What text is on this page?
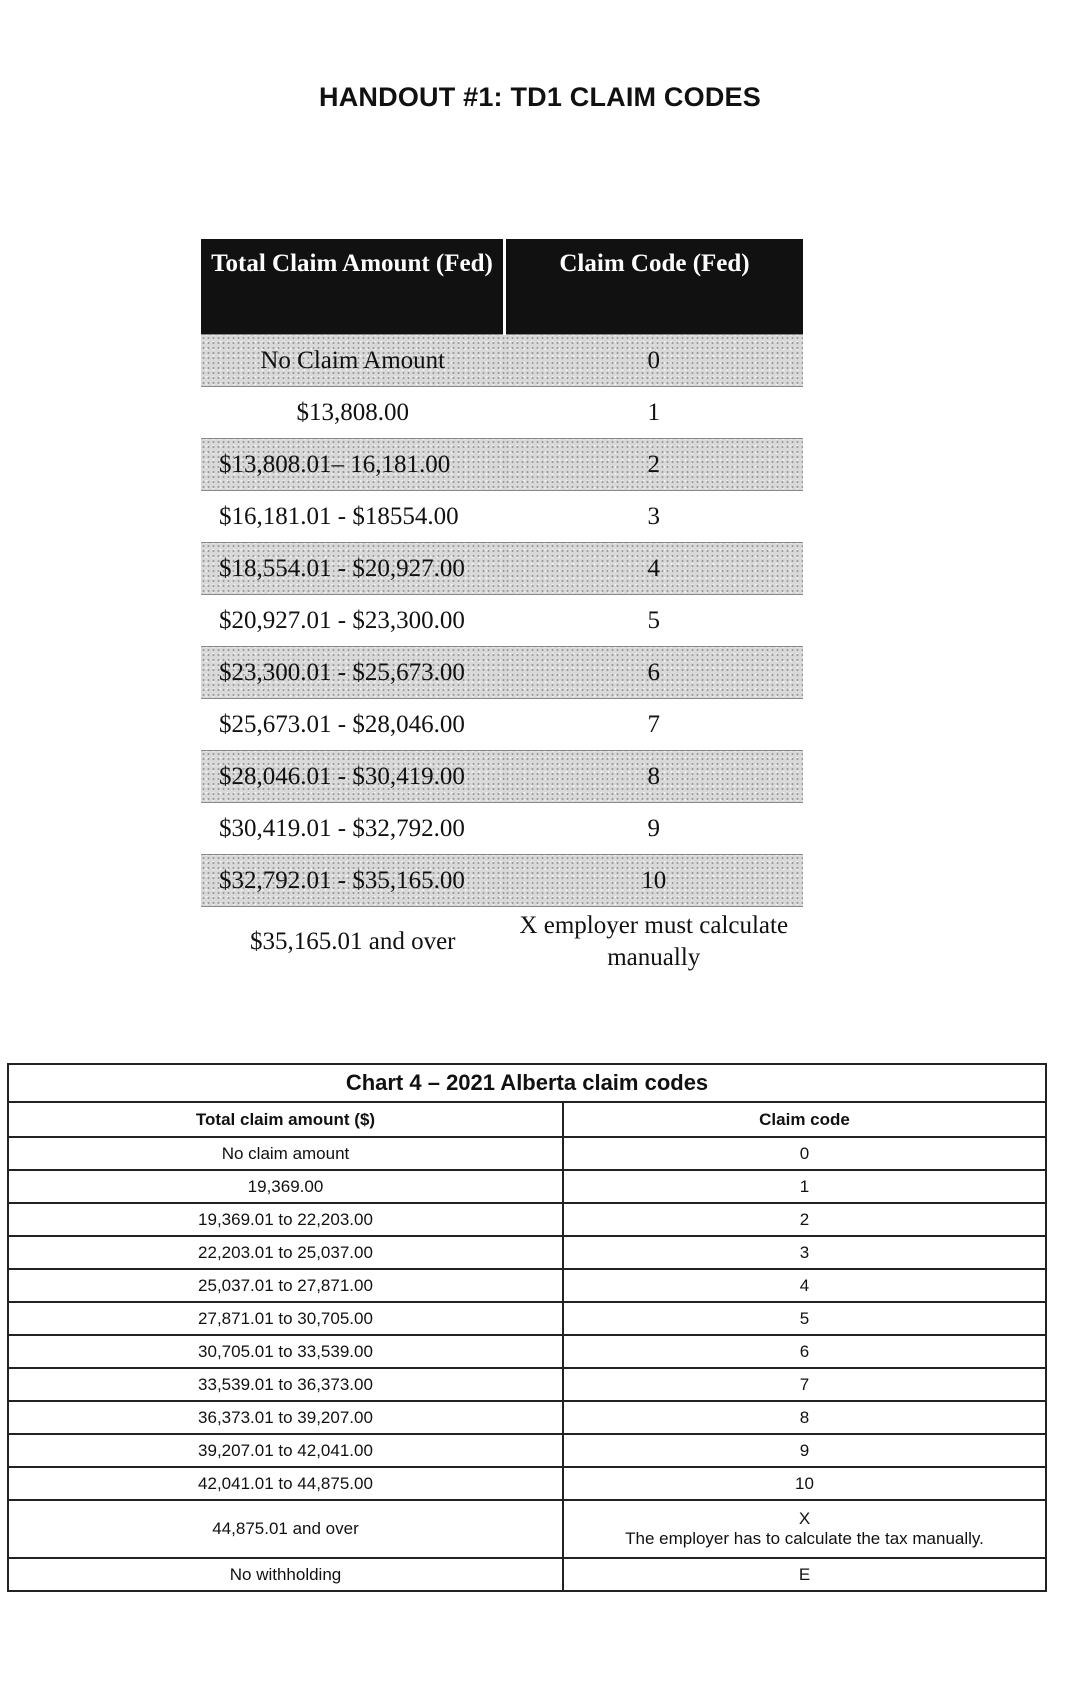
HANDOUT #1: TD1 CLAIM CODES
Total Claim Amount (Fed)	Claim Code (Fed)
No Claim Amount	0
$13,808.00	1
$13,808.01– 16,181.00	2
$16,181.01 - $18554.00	3
$18,554.01 - $20,927.00	4
$20,927.01 - $23,300.00	5
$23,300.01 - $25,673.00	6
$25,673.01 - $28,046.00	7
$28,046.01 - $30,419.00	8
$30,419.01 - $32,792.00	9
$32,792.01 - $35,165.00	10
$35,165.01 and over	X employer must calculate manually
Chart 4 – 2021 Alberta claim codes	
Total claim amount ($)	Claim code
No claim amount	0
19,369.00	1
19,369.01 to 22,203.00	2
22,203.01 to 25,037.00	3
25,037.01 to 27,871.00	4
27,871.01 to 30,705.00	5
30,705.01 to 33,539.00	6
33,539.01 to 36,373.00	7
36,373.01 to 39,207.00	8
39,207.01 to 42,041.00	9
42,041.01 to 44,875.00	10
44,875.01 and over	X
The employer has to calculate the tax manually.

No withholding	E
